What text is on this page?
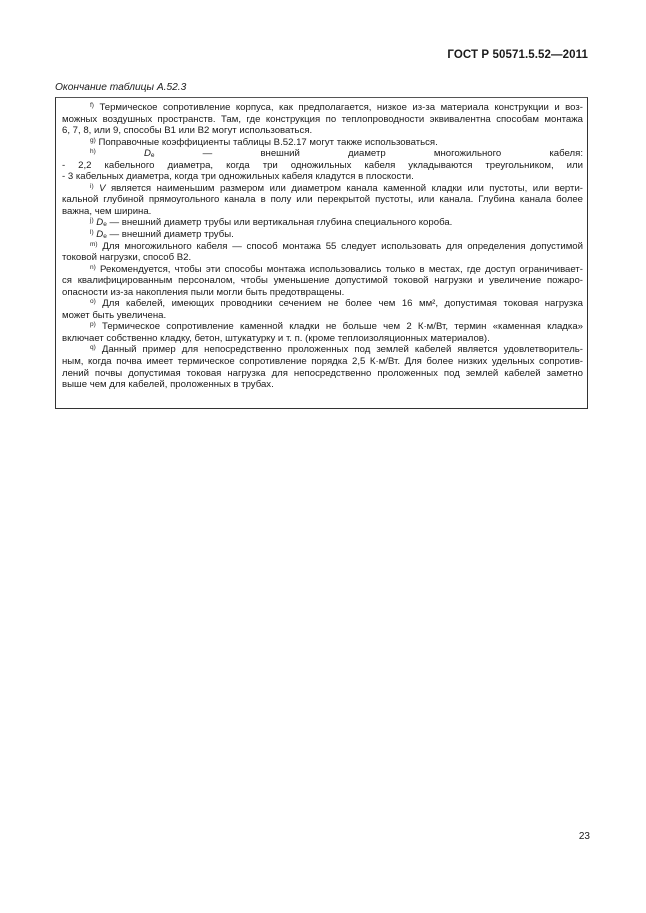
ГОСТ Р 50571.5.52—2011
Окончание таблицы А.52.3
$^{f)}$ Термическое сопротивление корпуса, как предполагается, низкое из-за материала конструкции и воз-
можных воздушных пространств. Там, где конструкция по теплопроводности эквивалентна способам монтажа
6, 7, 8, или 9, способы В1 или В2 могут использоваться.
$^{g)}$ Поправочные коэффициенты таблицы В.52.17 могут также использоваться.
$^{h)}$	$D_e$ — внешний диаметр многожильного кабеля:
- 2,2 кабельного диаметра, когда три одножильных кабеля укладываются треугольником, или
- 3 кабельных диаметра, когда три одножильных кабеля кладутся в плоскости.
$^{i)}$ V является наименьшим размером или диаметром канала каменной кладки или пустоты, или верти-
кальной глубиной прямоугольного канала в полу или перекрытой пустоты, или канала. Глубина канала более
важна, чем ширина.
$^{j)}$ $D_e$ — внешний диаметр трубы или вертикальная глубина специального короба.
$^{l)}$ $D_e$ — внешний диаметр трубы.
$^{m)}$ Для многожильного кабеля — способ монтажа 55 следует использовать для определения допустимой
токовой нагрузки, способ В2.
$^{n)}$ Рекомендуется, чтобы эти способы монтажа использовались только в местах, где доступ ограничивает-
ся квалифицированным персоналом, чтобы уменьшение допустимой токовой нагрузки и увеличение пожаро-
опасности из-за накопления пыли могли быть предотвращены.
$^{o)}$ Для кабелей, имеющих проводники сечением не более чем 16 мм², допустимая токовая нагрузка
может быть увеличена.
$^{p)}$ Термическое сопротивление каменной кладки не больше чем 2 К·м/Вт, термин «каменная кладка»
включает собственно кладку, бетон, штукатурку и т. п. (кроме теплоизоляционных материалов).
$^{q)}$ Данный пример для непосредственно проложенных под землей кабелей является удовлетворитель-
ным, когда почва имеет термическое сопротивление порядка 2,5 К·м/Вт. Для более низких удельных сопротив-
лений почвы допустимая токовая нагрузка для непосредственно проложенных под землей кабелей заметно
выше чем для кабелей, проложенных в трубах.
23
